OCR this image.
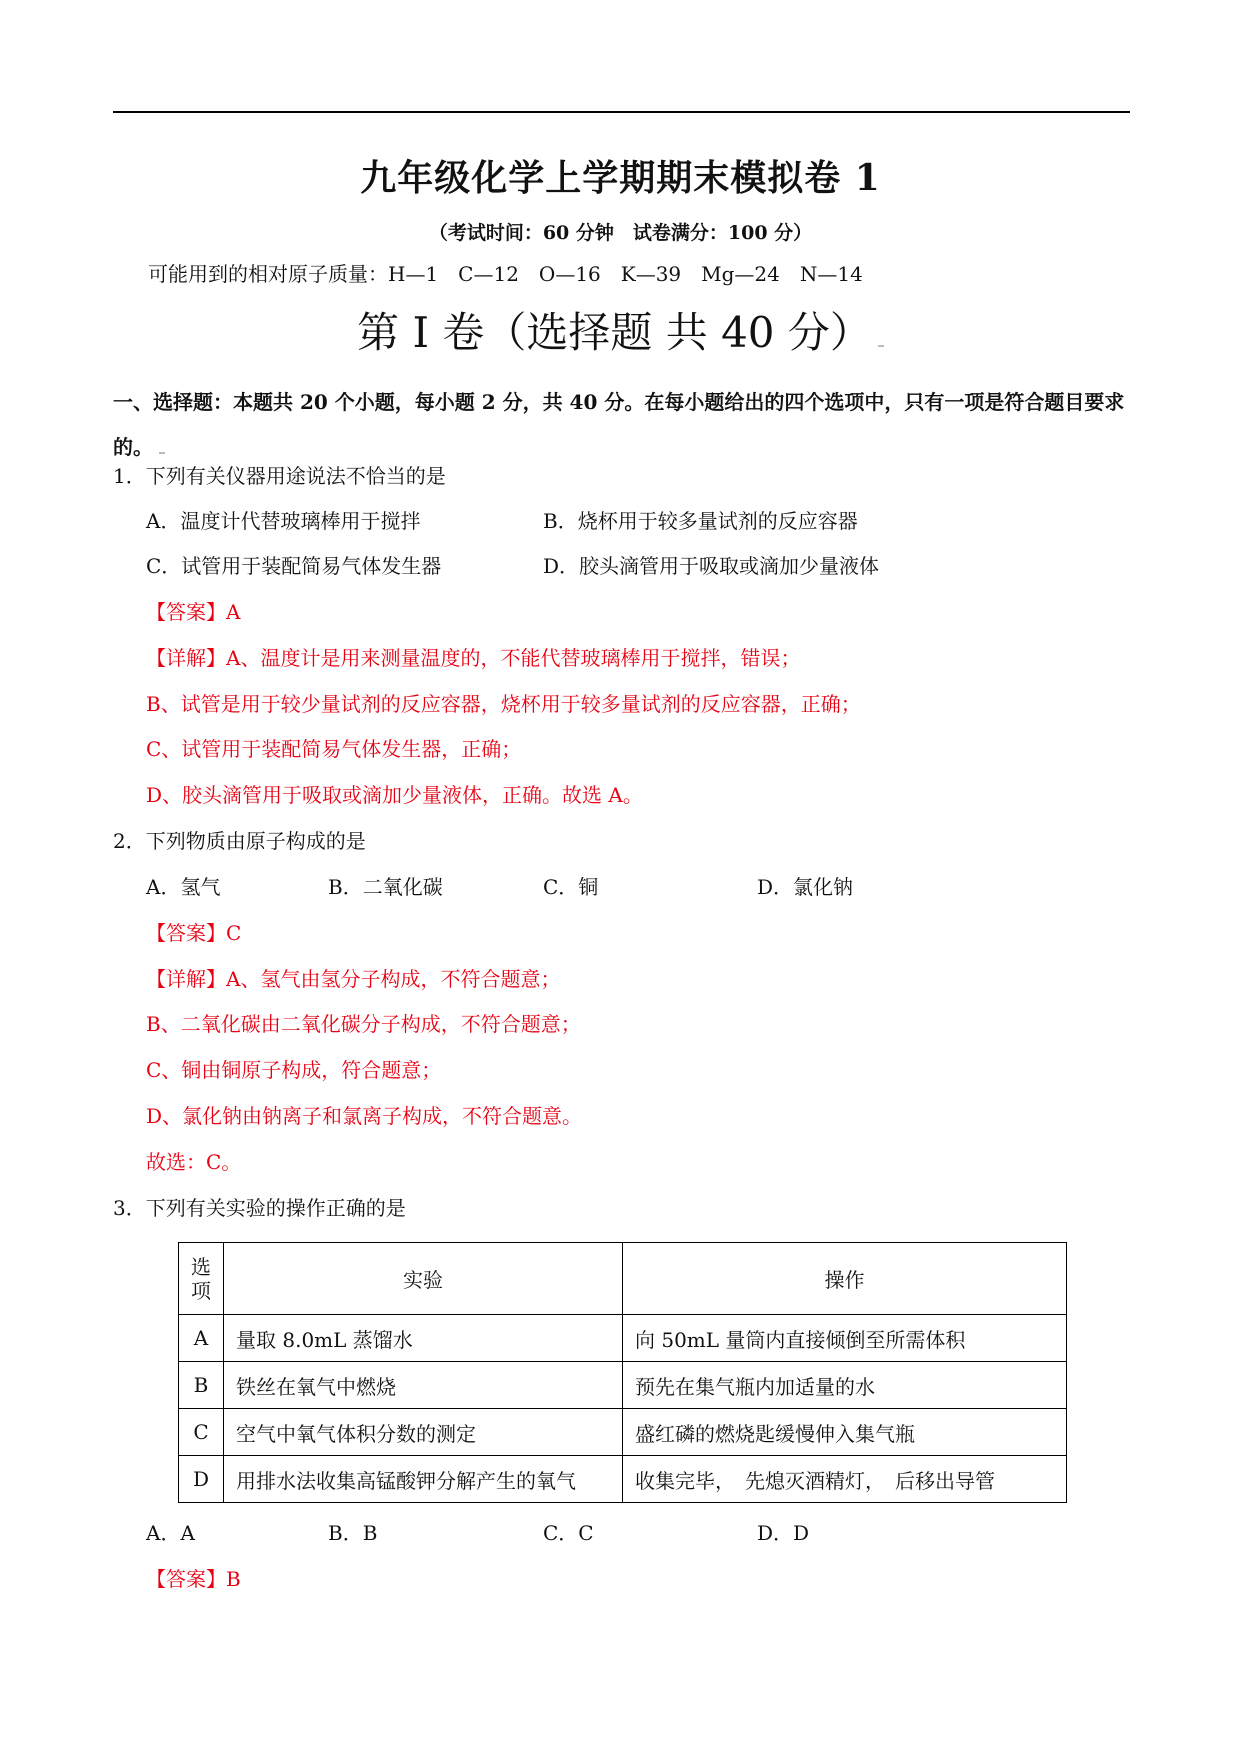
九年级化学上学期期末模拟卷 1
（考试时间：60 分钟　试卷满分：100 分）
可能用到的相对原子质量：H—1　C—12　O—16　K—39　Mg—24　N—14
第 I 卷（选择题 共 40 分）
一、选择题：本题共 20 个小题，每小题 2 分，共 40 分。在每小题给出的四个选项中，只有一项是符合题目要求的。
1．下列有关仪器用途说法不恰当的是
A．温度计代替玻璃棒用于搅拌	B．烧杯用于较多量试剂的反应容器
C．试管用于装配简易气体发生器	D．胶头滴管用于吸取或滴加少量液体
【答案】A
【详解】A、温度计是用来测量温度的，不能代替玻璃棒用于搅拌，错误；
B、试管是用于较少量试剂的反应容器，烧杯用于较多量试剂的反应容器，正确；
C、试管用于装配简易气体发生器，正确；
D、胶头滴管用于吸取或滴加少量液体，正确。故选 A。
2．下列物质由原子构成的是
A．氢气	B．二氧化碳	C．铜	D．氯化钠
【答案】C
【详解】A、氢气由氢分子构成，不符合题意；
B、二氧化碳由二氧化碳分子构成，不符合题意；
C、铜由铜原子构成，符合题意；
D、氯化钠由钠离子和氯离子构成，不符合题意。
故选：C。
3．下列有关实验的操作正确的是
选项	实验	操作
A	量取 8.0mL 蒸馏水	向 50mL 量筒内直接倾倒至所需体积
B	铁丝在氧气中燃烧	预先在集气瓶内加适量的水
C	空气中氧气体积分数的测定	盛红磷的燃烧匙缓慢伸入集气瓶
D	用排水法收集高锰酸钾分解产生的氧气	收集完毕，　先熄灭酒精灯，　后移出导管
A．A	B．B	C．C	D．D
【答案】B
